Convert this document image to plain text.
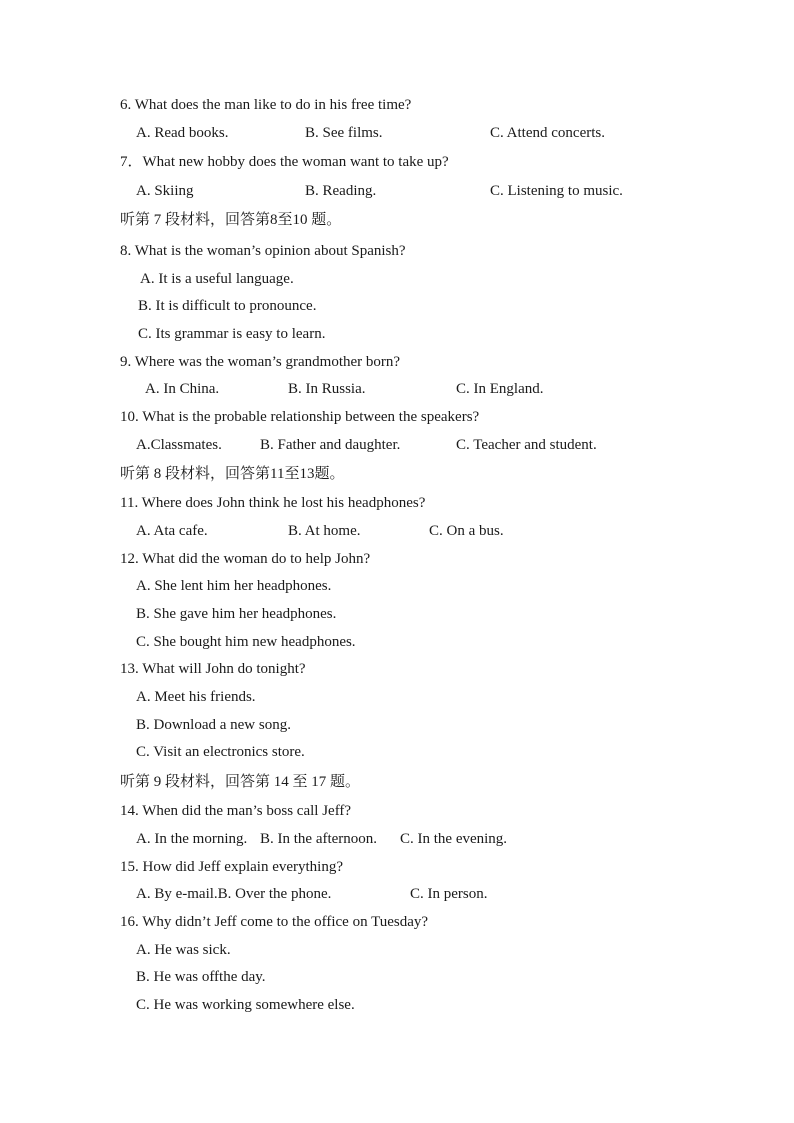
6. What does the man like to do in his free time?
A. Read books.	B. See films.	C. Attend concerts.
7．What new hobby does the woman want to take up?
A. Skiing	B. Reading.	C. Listening to music.
听第 7 段材料，回答第8至10 题。
8. What is the woman’s opinion about Spanish?
A. It is a useful language.
B. It is difficult to pronounce.
C. Its grammar is easy to learn.
9. Where was the woman’s grandmother born?
A. In China.	B. In Russia.	C. In England.
10. What is the probable relationship between the speakers?
A.Classmates.	B. Father and daughter.	C. Teacher and student.
听第 8 段材料，回答第11至13题。
11. Where does John think he lost his headphones?
A. Ata cafe.	B. At home.	C. On a bus.
12. What did the woman do to help John?
A. She lent him her headphones.
B. She gave him her headphones.
C. She bought him new headphones.
13. What will John do tonight?
A. Meet his friends.
B. Download a new song.
C. Visit an electronics store.
听第 9 段材料，回答第 14 至 17 题。
14. When did the man’s boss call Jeff?
A. In the morning. B. In the afternoon. C. In the evening.
15. How did Jeff explain everything?
A. By e-mail.B. Over the phone.	C. In person.
16. Why didn’t Jeff come to the office on Tuesday?
A. He was sick.
B. He was offthe day.
C. He was working somewhere else.
